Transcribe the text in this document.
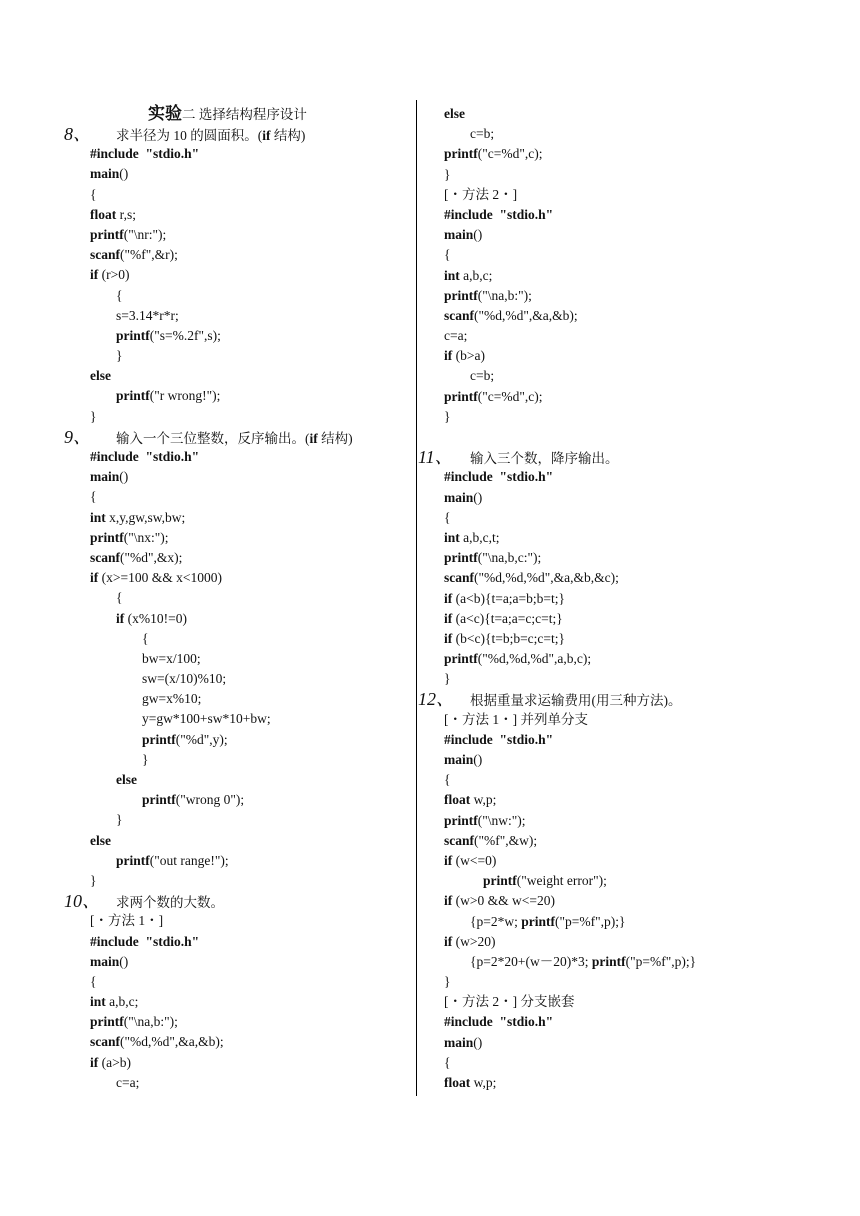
实验二 选择结构程序设计
8、 求半径为 10 的圆面积。(if 结构)
#include "stdio.h"
main()
{
float r,s;
printf("\nr:");
scanf("%f",&r);
if (r>0)
{
s=3.14*r*r;
printf("s=%.2f",s);
}
else
printf("r wrong!");
}
9、 输入一个三位整数，反序输出。(if 结构)
#include "stdio.h"
main()
{
int x,y,gw,sw,bw;
printf("\nx:");
scanf("%d",&x);
if (x>=100 && x<1000)
{
if (x%10!=0)
{
bw=x/100;
sw=(x/10)%10;
gw=x%10;
y=gw*100+sw*10+bw;
printf("%d",y);
}
else
printf("wrong 0");
}
else
printf("out range!");
}
10、 求两个数的大数。
[・方法 1・]
#include "stdio.h"
main()
{
int a,b,c;
printf("\na,b:");
scanf("%d,%d",&a,&b);
if (a>b)
c=a;
else
c=b;
printf("c=%d",c);
}
[・方法 2・]
#include "stdio.h"
main()
{
int a,b,c;
printf("\na,b:");
scanf("%d,%d",&a,&b);
c=a;
if (b>a)
c=b;
printf("c=%d",c);
}
11、 输入三个数，降序输出。
#include "stdio.h"
main()
{
int a,b,c,t;
printf("\na,b,c:");
scanf("%d,%d,%d",&a,&b,&c);
if (a<b){t=a;a=b;b=t;}
if (a<c){t=a;a=c;c=t;}
if (b<c){t=b;b=c;c=t;}
printf("%d,%d,%d",a,b,c);
}
12、 根据重量求运输费用(用三种方法)。
[・方法 1・] 并列单分支
#include "stdio.h"
main()
{
float w,p;
printf("\nw:");
scanf("%f",&w);
if (w<=0)
printf("weight error");
if (w>0 && w<=20)
{p=2*w; printf("p=%f",p);}
if (w>20)
{p=2*20+(w－20)*3; printf("p=%f",p);}
}
[・方法 2・] 分支嵌套
#include "stdio.h"
main()
{
float w,p;
